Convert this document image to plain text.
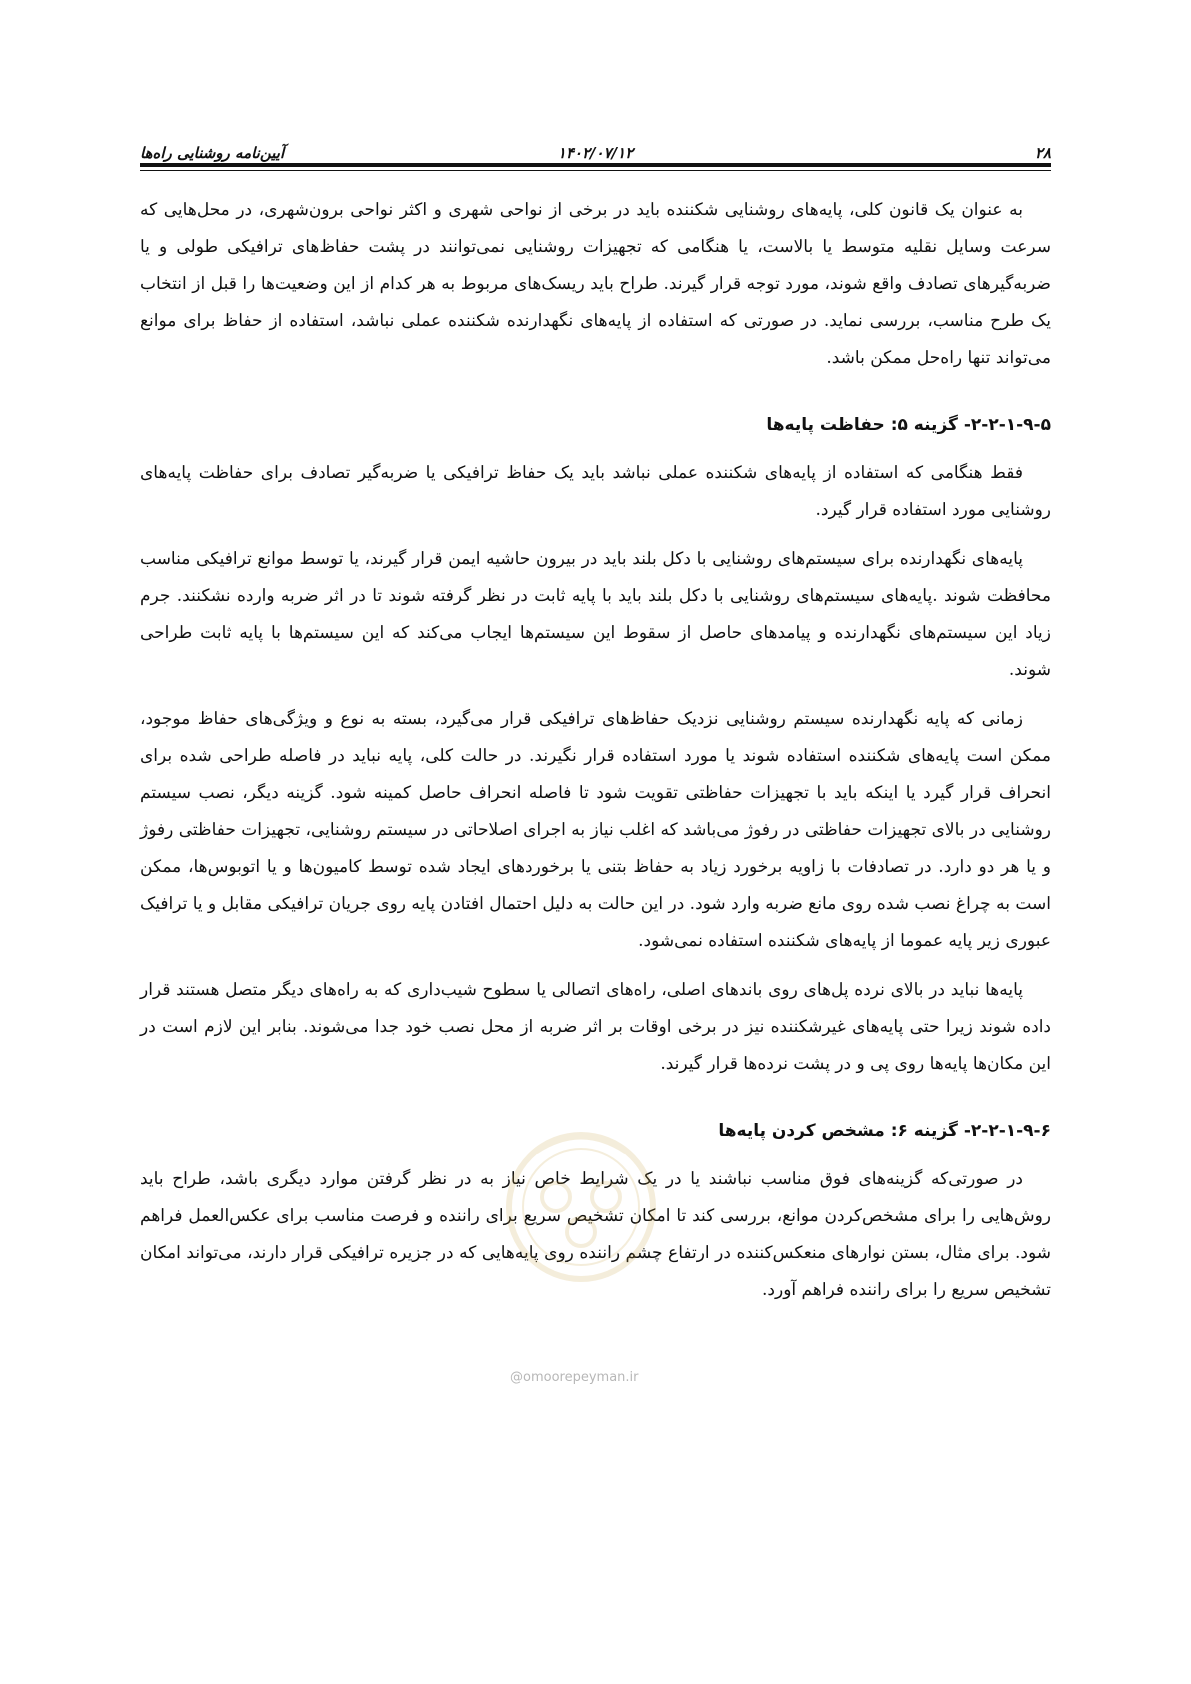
۲۸
۱۴۰۲/۰۷/۱۲
آیین‌نامه روشنایی راه‌ها

به عنوان یک قانون کلی، پایه‌های روشنایی شکننده باید در برخی از نواحی شهری و اکثر نواحی برون‌شهری، در محل‌هایی که سرعت وسایل نقلیه متوسط یا بالاست، یا هنگامی که تجهیزات روشنایی نمی‌توانند در پشت حفاظ‌های ترافیکی طولی و یا ضربه‌گیرهای تصادف واقع شوند، مورد توجه قرار گیرند. طراح باید ریسک‌های مربوط به هر کدام از این وضعیت‌ها را قبل از انتخاب یک طرح مناسب، بررسی نماید. در صورتی که استفاده از پایه‌های نگهدارنده شکننده عملی نباشد، استفاده از حفاظ برای موانع می‌تواند تنها راه‌حل ممکن باشد.

۲-۲-۱-۹-۵- گزینه ۵: حفاظت پایه‌ها

فقط هنگامی که استفاده از پایه‌های شکننده عملی نباشد باید یک حفاظ ترافیکی یا ضربه‌گیر تصادف برای حفاظت پایه‌های روشنایی مورد استفاده قرار گیرد.

پایه‌های نگهدارنده برای سیستم‌های روشنایی با دکل بلند باید در بیرون حاشیه ایمن قرار گیرند، یا توسط موانع ترافیکی مناسب محافظت شوند .پایه‌های سیستم‌های روشنایی با دکل بلند باید با پایه ثابت در نظر گرفته شوند تا در اثر ضربه وارده نشکنند. جرم زیاد این سیستم‌های نگهدارنده و پیامدهای حاصل از سقوط این سیستم‌ها ایجاب می‌کند که این سیستم‌ها با پایه ثابت طراحی شوند.

زمانی که پایه نگهدارنده سیستم روشنایی نزدیک حفاظ‌های ترافیکی قرار می‌گیرد، بسته به نوع و ویژگی‌های حفاظ موجود، ممکن است پایه‌های شکننده استفاده شوند یا مورد استفاده قرار نگیرند. در حالت کلی، پایه نباید در فاصله طراحی شده برای انحراف قرار گیرد یا اینکه باید با تجهیزات حفاظتی تقویت شود تا فاصله انحراف حاصل کمینه شود. گزینه دیگر، نصب سیستم روشنایی در بالای تجهیزات حفاظتی در رفوژ می‌باشد که اغلب نیاز به اجرای اصلاحاتی در سیستم روشنایی، تجهیزات حفاظتی رفوژ و یا هر دو دارد. در تصادفات با زاویه برخورد زیاد به حفاظ بتنی یا برخوردهای ایجاد شده توسط کامیون‌ها و یا اتوبوس‌ها، ممکن است به چراغ نصب شده روی مانع ضربه وارد شود. در این حالت به دلیل احتمال افتادن پایه روی جریان ترافیکی مقابل و یا ترافیک عبوری زیر پایه عموما از پایه‌های شکننده استفاده نمی‌شود.

پایه‌ها نباید در بالای نرده پل‌های روی باندهای اصلی، راه‌های اتصالی یا سطوح شیب‌داری که به راه‌های دیگر متصل هستند قرار داده شوند زیرا حتی پایه‌های غیرشکننده نیز در برخی اوقات بر اثر ضربه از محل نصب خود جدا می‌شوند. بنابر این لازم است در این مکان‌ها پایه‌ها روی پی و در پشت نرده‌ها قرار گیرند.

۲-۲-۱-۹-۶- گزینه ۶: مشخص کردن پایه‌ها

در صورتی‌که گزینه‌های فوق مناسب نباشند یا در یک شرایط خاص نیاز به در نظر گرفتن موارد دیگری باشد، طراح باید روش‌هایی را برای مشخص‌کردن موانع، بررسی کند تا امکان تشخیص سریع برای راننده و فرصت مناسب برای عکس‌العمل فراهم شود. برای مثال، بستن نوارهای منعکس‌کننده در ارتفاع چشم راننده روی پایه‌هایی که در جزیره ترافیکی قرار دارند، می‌تواند امکان تشخیص سریع را برای راننده فراهم آورد.

@omoorepeyman.ir
